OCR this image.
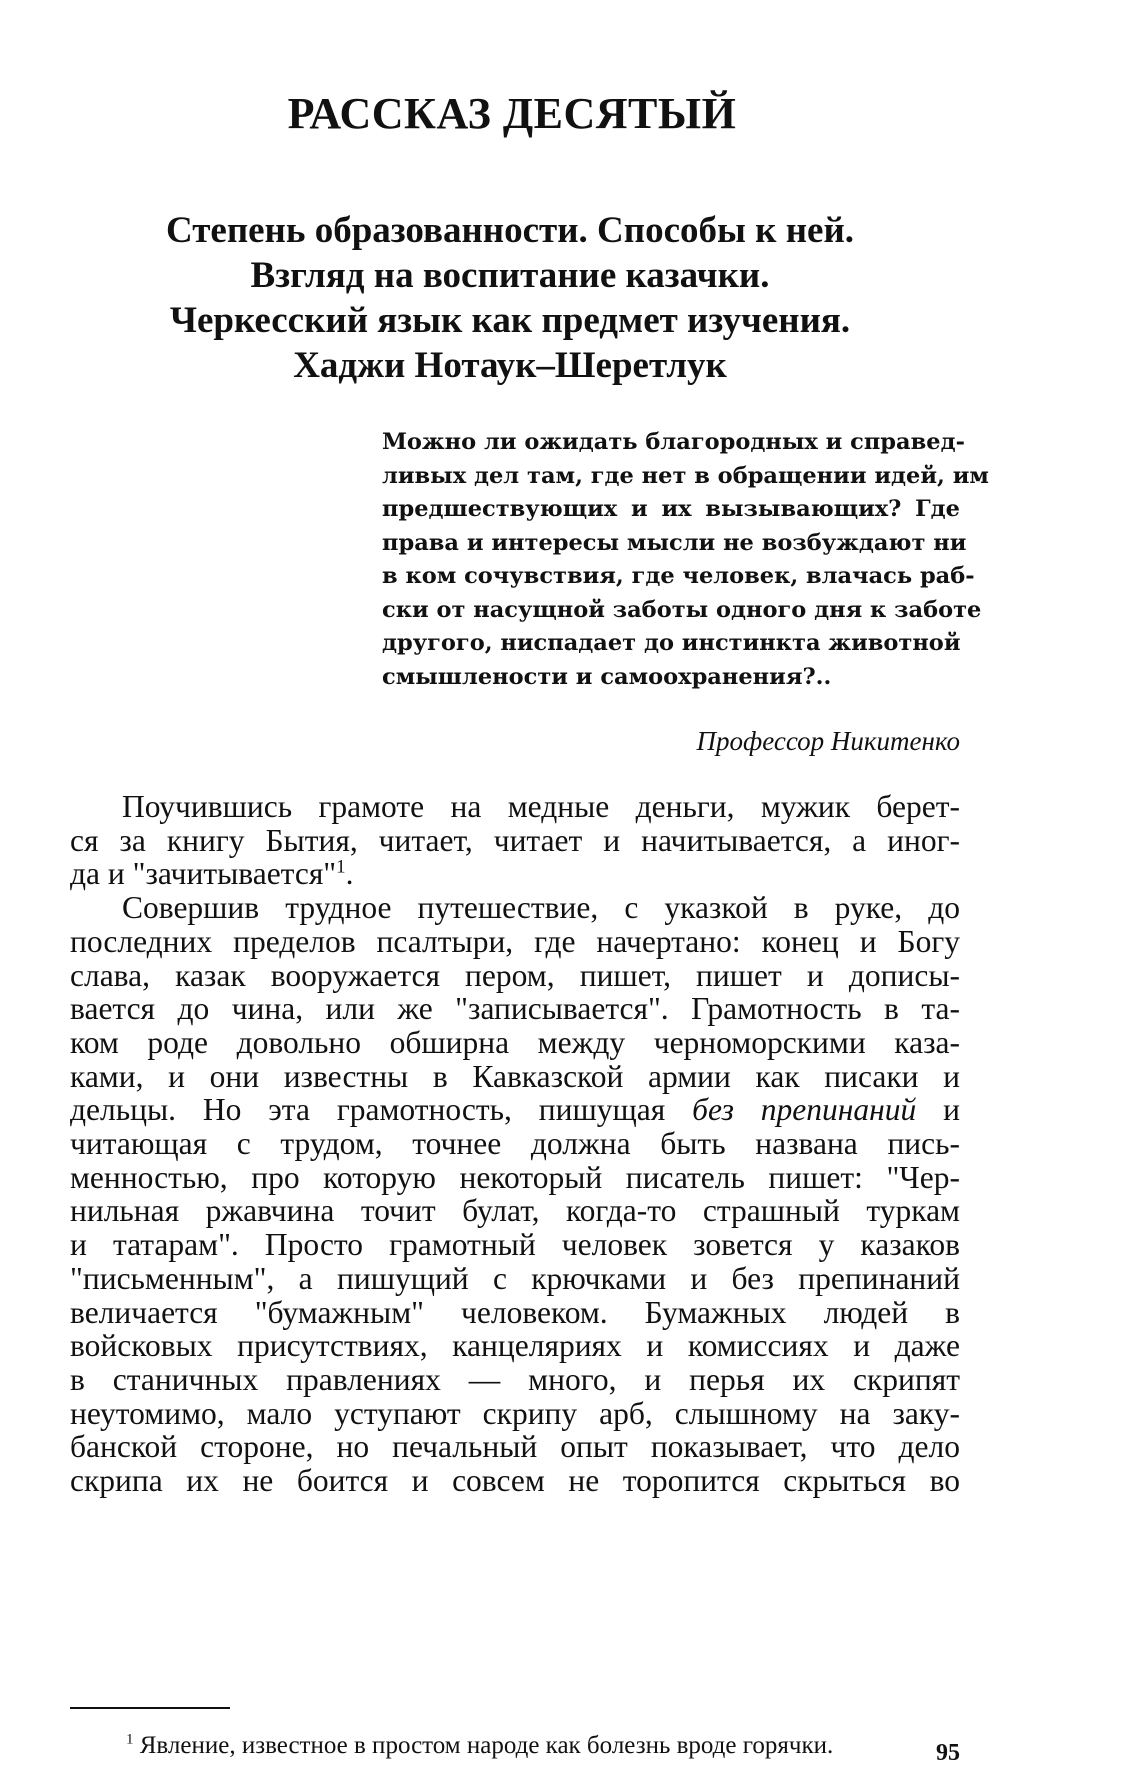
РАССКАЗ ДЕСЯТЫЙ
Степень образованности. Способы к ней.
Взгляд на воспитание казачки.
Черкесский язык как предмет изучения.
Хаджи Нотаук–Шеретлук
Можно ли ожидать благородных и справед-
ливых дел там, где нет в обращении идей, им
предшествующих и их вызывающих? Где
права и интересы мысли не возбуждают ни
в ком сочувствия, где человек, влачась раб-
ски от насущной заботы одного дня к заботе
другого, ниспадает до инстинкта животной
смышлености и самоохранения?..
Профессор Никитенко
Поучившись грамоте на медные деньги, мужик берет-
ся за книгу Бытия, читает, читает и начитывается, а иног-
да и "зачитывается"$^1$.
Совершив трудное путешествие, с указкой в руке, до
последних пределов псалтыри, где начертано: конец и Богу
слава, казак вооружается пером, пишет, пишет и дописы-
вается до чина, или же "записывается". Грамотность в та-
ком роде довольно обширна между черноморскими каза-
ками, и они известны в Кавказской армии как писаки и
дельцы. Но эта грамотность, пишущая без препинаний и
читающая с трудом, точнее должна быть названа пись-
менностью, про которую некоторый писатель пишет: "Чер-
нильная ржавчина точит булат, когда-то страшный туркам
и татарам". Просто грамотный человек зовется у казаков
"письменным", а пишущий с крючками и без препинаний
величается "бумажным" человеком. Бумажных людей в
войсковых присутствиях, канцеляриях и комиссиях и даже
в станичных правлениях — много, и перья их скрипят
неутомимо, мало уступают скрипу арб, слышному на заку-
банской стороне, но печальный опыт показывает, что дело
скрипа их не боится и совсем не торопится скрыться во
$^1$ Явление, известное в простом народе как болезнь вроде горячки.	95
